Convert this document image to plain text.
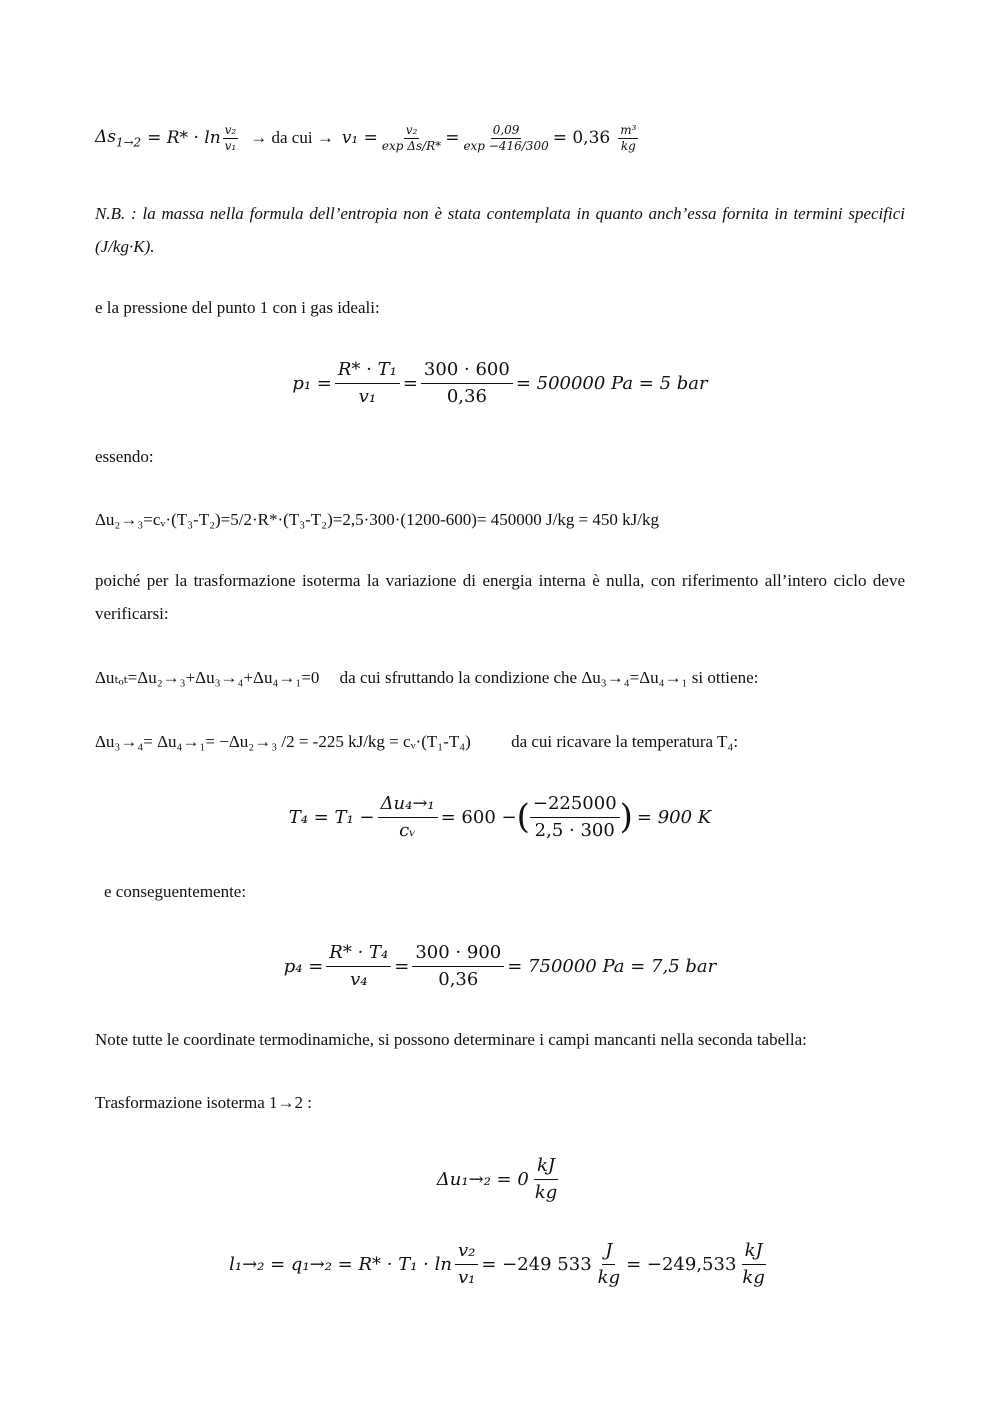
$\Delta s_{1\to 2} = R* \cdot \ln \frac{\text{v₂}}{\text{v₁}}$ → da cui → $v_1 = \frac{\text{v₂}}{\text{exp Δs/R*}} = \frac{0,09}{\exp -416/300} = 0,36 \frac{\text{m³}}{kg}$
N.B. : la massa nella formula dell’entropia non è stata contemplata in quanto anch’essa fornita in termini specifici (J/kg·K).
e la pressione del punto 1 con i gas ideali:
$p_1 = \frac{\text{R* · T₁}}{\text{v₁}} = \frac{300 \cdot 600}{0,36} = 500000$ Pa = 5 bar
essendo:
Δu₂→₃=cᵥ·(T₃-T₂)=5/2·R*·(T₃-T₂)=2,5·300·(1200-600)= 450000 J/kg = 450 kJ/kg
poiché per la trasformazione isoterma la variazione di energia interna è nulla, con riferimento all’intero ciclo deve verificarsi:
Δuₜₒₜ=Δu₂→₃+Δu₃→₄+Δu₄→₁=0 da cui sfruttando la condizione che Δu₃→₄=Δu₄→₁ si ottiene:
Δu₃→₄= Δu₄→₁= −Δu₂→₃ /2 = -225 kJ/kg = cᵥ·(T₁-T₄) da cui ricavare la temperatura T₄:
$T_4 = T_1 - \frac{\text{Δu₄→₁}}{\text{cᵥ}} = 600$ − ( $\frac{-225000}{2,5 \cdot 300}$ ) = 900 K
e conseguentemente:
$p_4 = \frac{\text{R* · T₄}}{\text{v₄}} = \frac{300 \cdot 900}{0,36} = 750000$ Pa = 7,5 bar
Note tutte le coordinate termodinamiche, si possono determinare i campi mancanti nella seconda tabella:
Trasformazione isoterma 1→2 :
$\Delta u_1\to_2 = 0 \frac{kJ}{kg}$
$l_1\to_2 = q_1\to_2 = R* \cdot T_1 \cdot \ln \frac{\text{v₂}}{\text{v₁}} = -249$ $533 \frac{J}{kg} = -249,533 \frac{kJ}{kg}$
